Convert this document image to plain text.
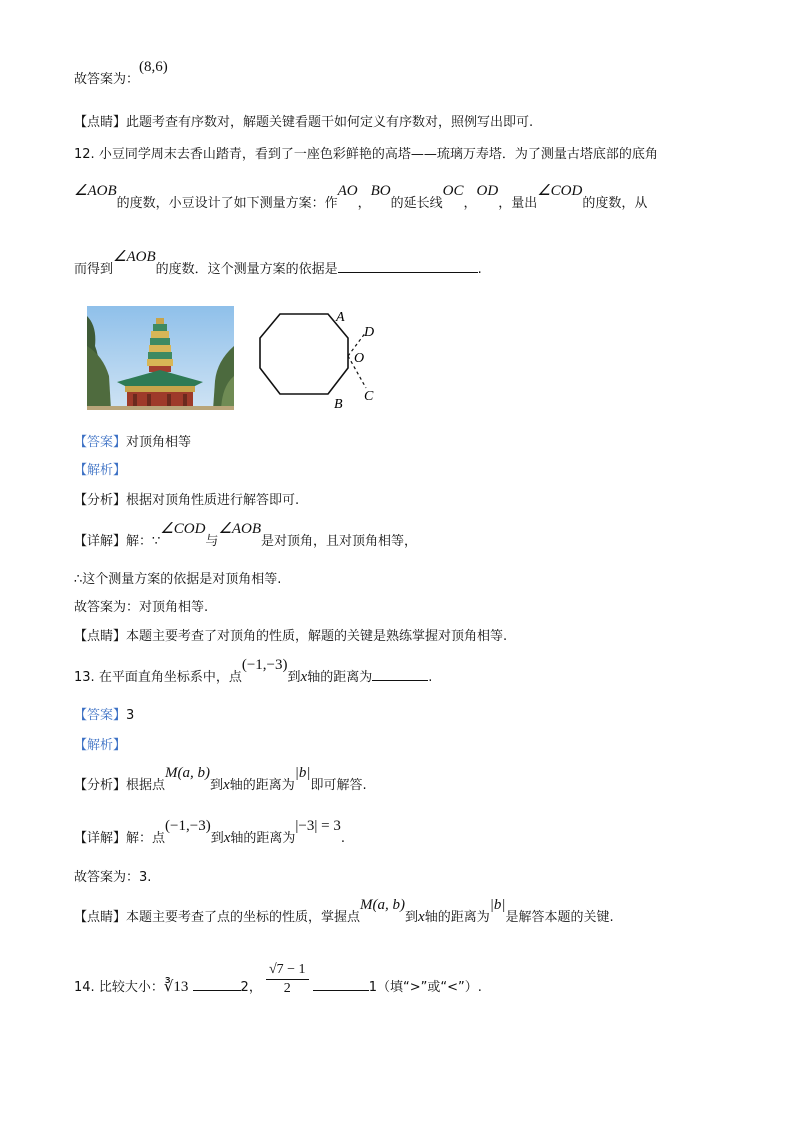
故答案为：(8,6)
【点睛】此题考查有序数对，解题关键看题干如何定义有序数对，照例写出即可.
12. 小豆同学周末去香山踏青，看到了一座色彩鲜艳的高塔——琉璃万寿塔．为了测量古塔底部的底角
∠AOB的度数，小豆设计了如下测量方案：作AO，BO的延长线OC，OD，量出∠COD的度数，从
而得到∠AOB的度数．这个测量方案的依据是	.
A
D
O
C
B
【答案】对顶角相等
【解析】
【分析】根据对顶角性质进行解答即可.
【详解】解：∵∠COD与∠AOB是对顶角，且对顶角相等，
∴这个测量方案的依据是对顶角相等.
故答案为：对顶角相等.
【点睛】本题主要考查了对顶角的性质，解题的关键是熟练掌握对顶角相等.
13. 在平面直角坐标系中，点(−1,−3)到x轴的距离为	.
【答案】3
【解析】
【分析】根据点M(a, b)到x轴的距离为|b|即可解答.
【详解】解：点(−1,−3)到x轴的距离为|−3| = 3.
故答案为：3.
【点睛】本题主要考查了点的坐标的性质，掌握点M(a, b)到x轴的距离为|b|是解答本题的关键.
14. 比较大小：∛13	2， $\frac{√7 - 1}{2}$	1（填“>”或“<”）.
